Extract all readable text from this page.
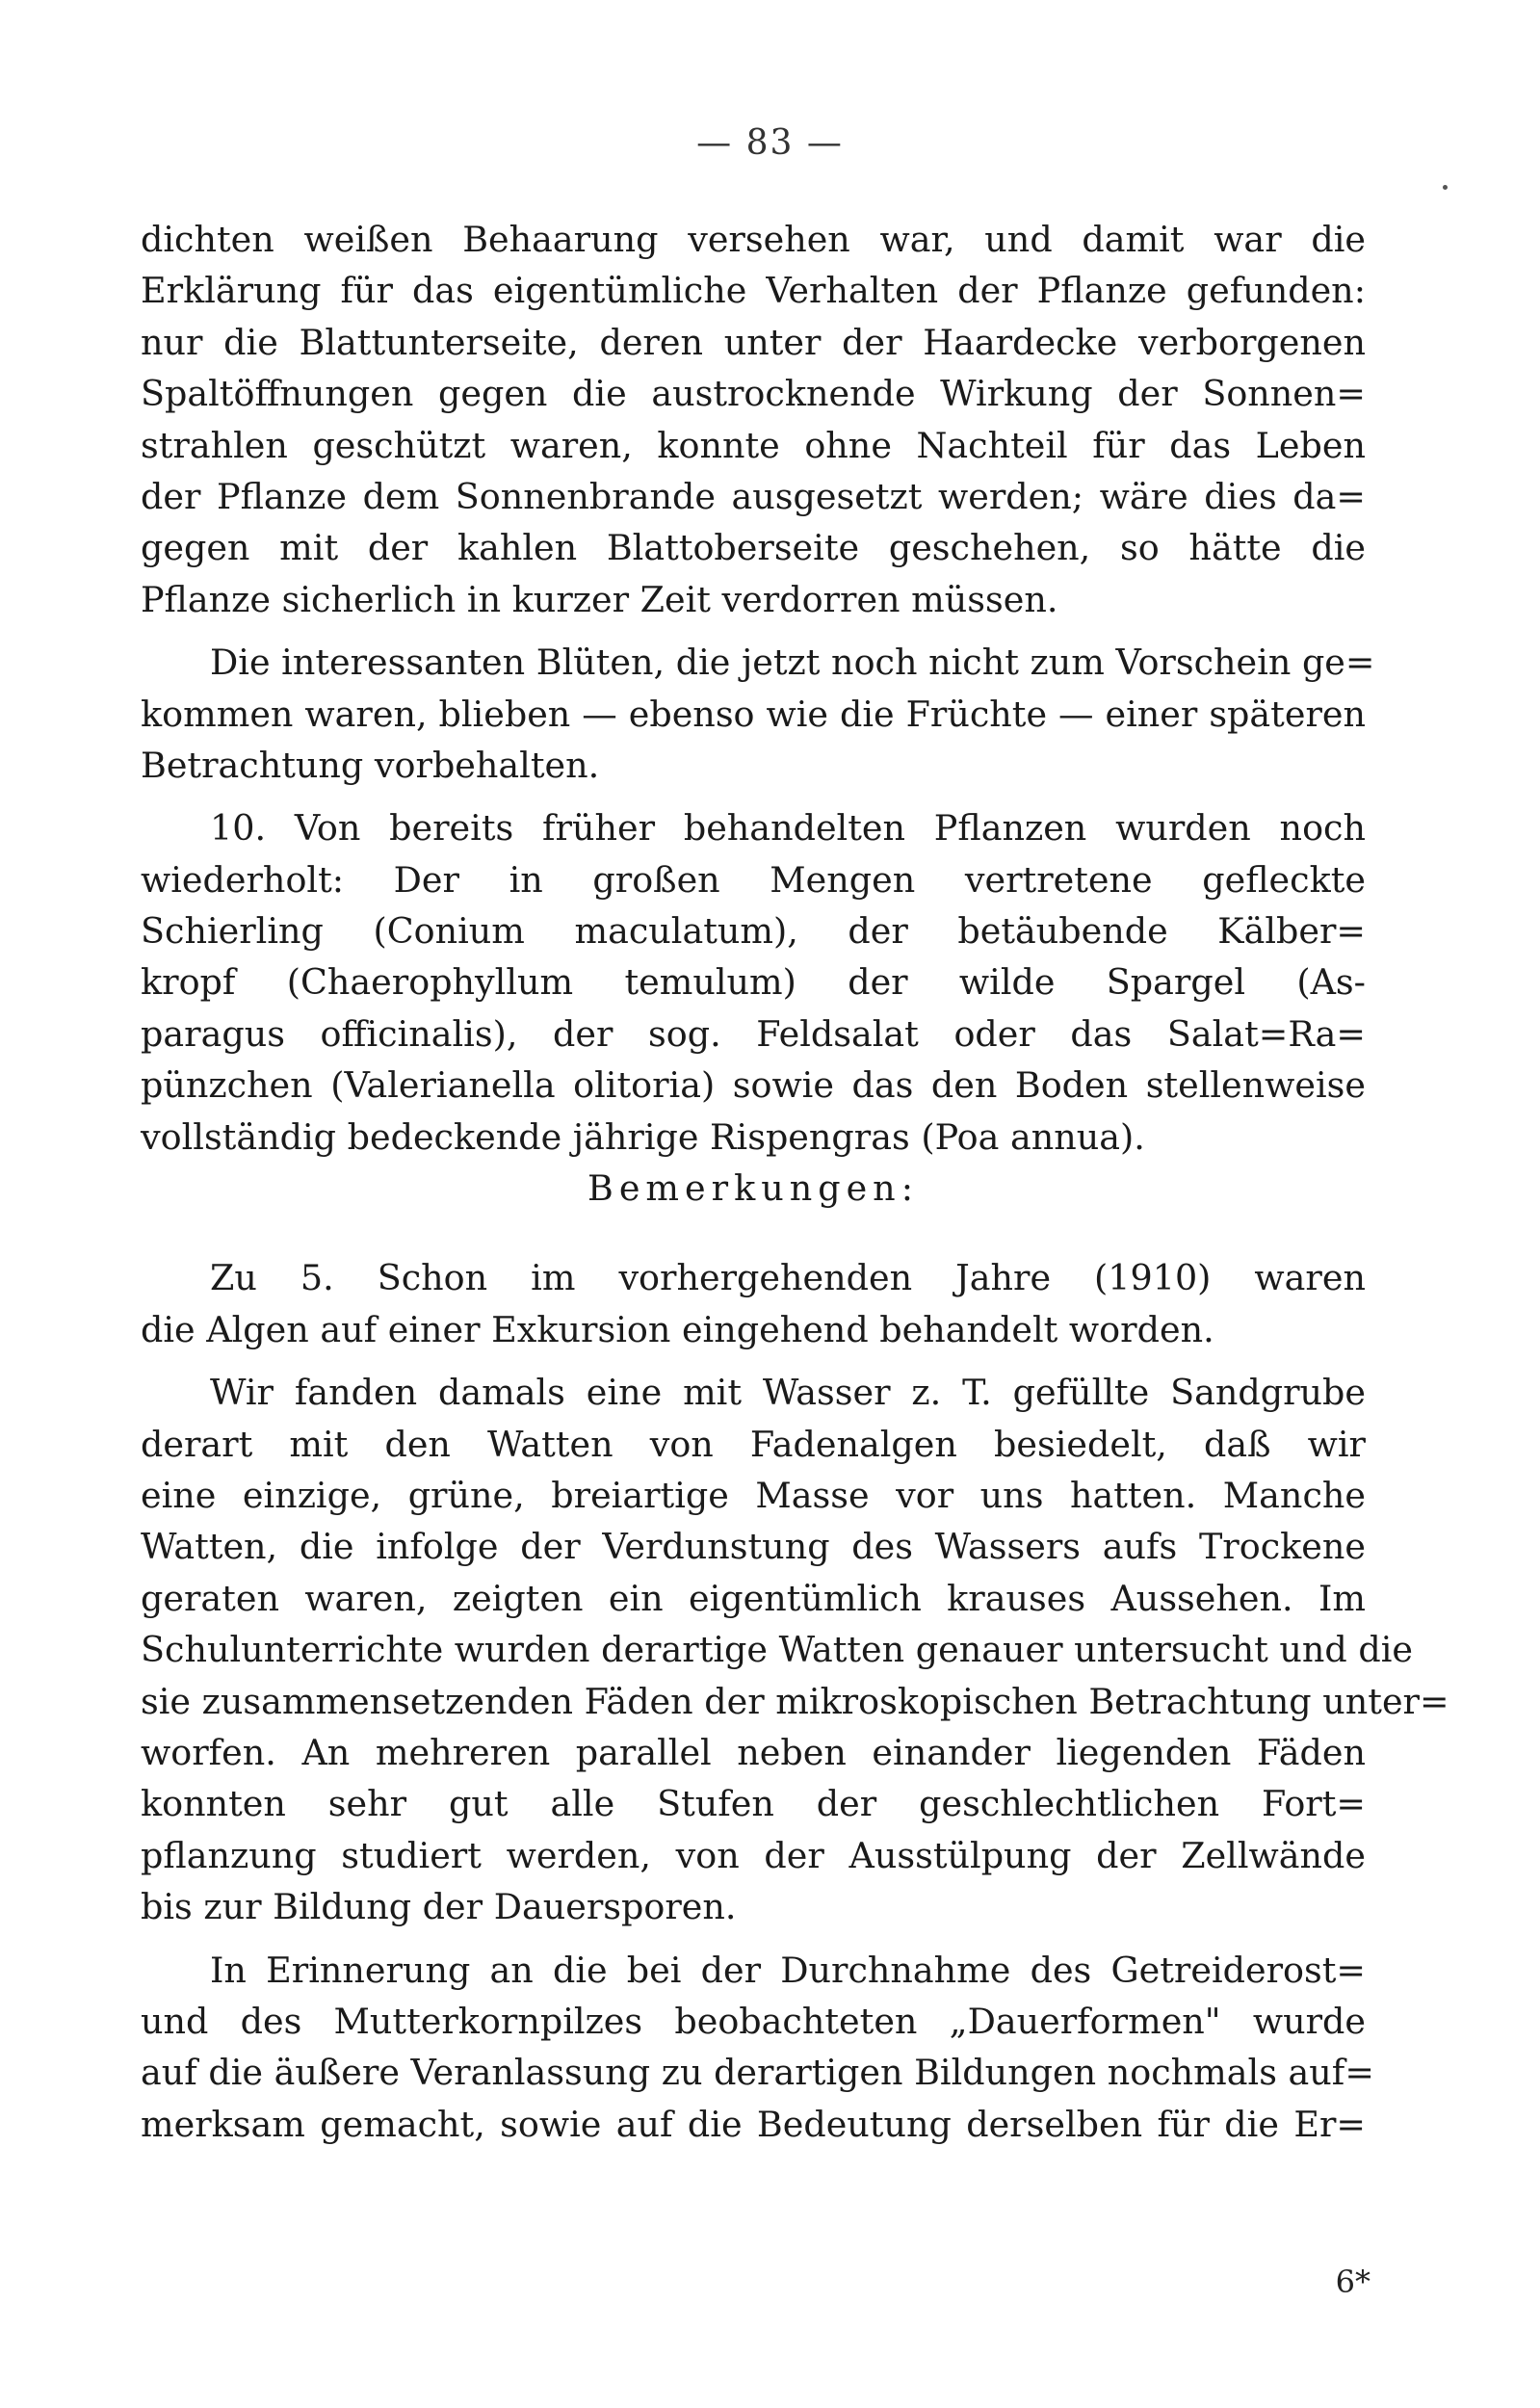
— 83 —
dichten weißen Behaarung versehen war, und damit war die
Erklärung für das eigentümliche Verhalten der Pflanze gefunden:
nur die Blattunterseite, deren unter der Haardecke verborgenen
Spaltöffnungen gegen die austrocknende Wirkung der Sonnen=
strahlen geschützt waren, konnte ohne Nachteil für das Leben
der Pflanze dem Sonnenbrande ausgesetzt werden; wäre dies da=
gegen mit der kahlen Blattoberseite geschehen, so hätte die
Pflanze sicherlich in kurzer Zeit verdorren müssen.
Die interessanten Blüten, die jetzt noch nicht zum Vorschein ge=
kommen waren, blieben — ebenso wie die Früchte — einer späteren
Betrachtung vorbehalten.
10. Von bereits früher behandelten Pflanzen wurden noch
wiederholt: Der in großen Mengen vertretene gefleckte
Schierling (Conium maculatum), der betäubende Kälber=
kropf (Chaerophyllum temulum) der wilde Spargel (As-
paragus officinalis), der sog. Feldsalat oder das Salat=Ra=
pünzchen (Valerianella olitoria) sowie das den Boden stellenweise
vollständig bedeckende jährige Rispengras (Poa annua).
Bemerkungen:
Zu 5. Schon im vorhergehenden Jahre (1910) waren
die Algen auf einer Exkursion eingehend behandelt worden.
Wir fanden damals eine mit Wasser z. T. gefüllte Sandgrube
derart mit den Watten von Fadenalgen besiedelt, daß wir
eine einzige, grüne, breiartige Masse vor uns hatten. Manche
Watten, die infolge der Verdunstung des Wassers aufs Trockene
geraten waren, zeigten ein eigentümlich krauses Aussehen. Im
Schulunterrichte wurden derartige Watten genauer untersucht und die
sie zusammensetzenden Fäden der mikroskopischen Betrachtung unter=
worfen. An mehreren parallel neben einander liegenden Fäden
konnten sehr gut alle Stufen der geschlechtlichen Fort=
pflanzung studiert werden, von der Ausstülpung der Zellwände
bis zur Bildung der Dauersporen.
In Erinnerung an die bei der Durchnahme des Getreiderost=
und des Mutterkornpilzes beobachteten „Dauerformen" wurde
auf die äußere Veranlassung zu derartigen Bildungen nochmals auf=
merksam gemacht, sowie auf die Bedeutung derselben für die Er=
6*
